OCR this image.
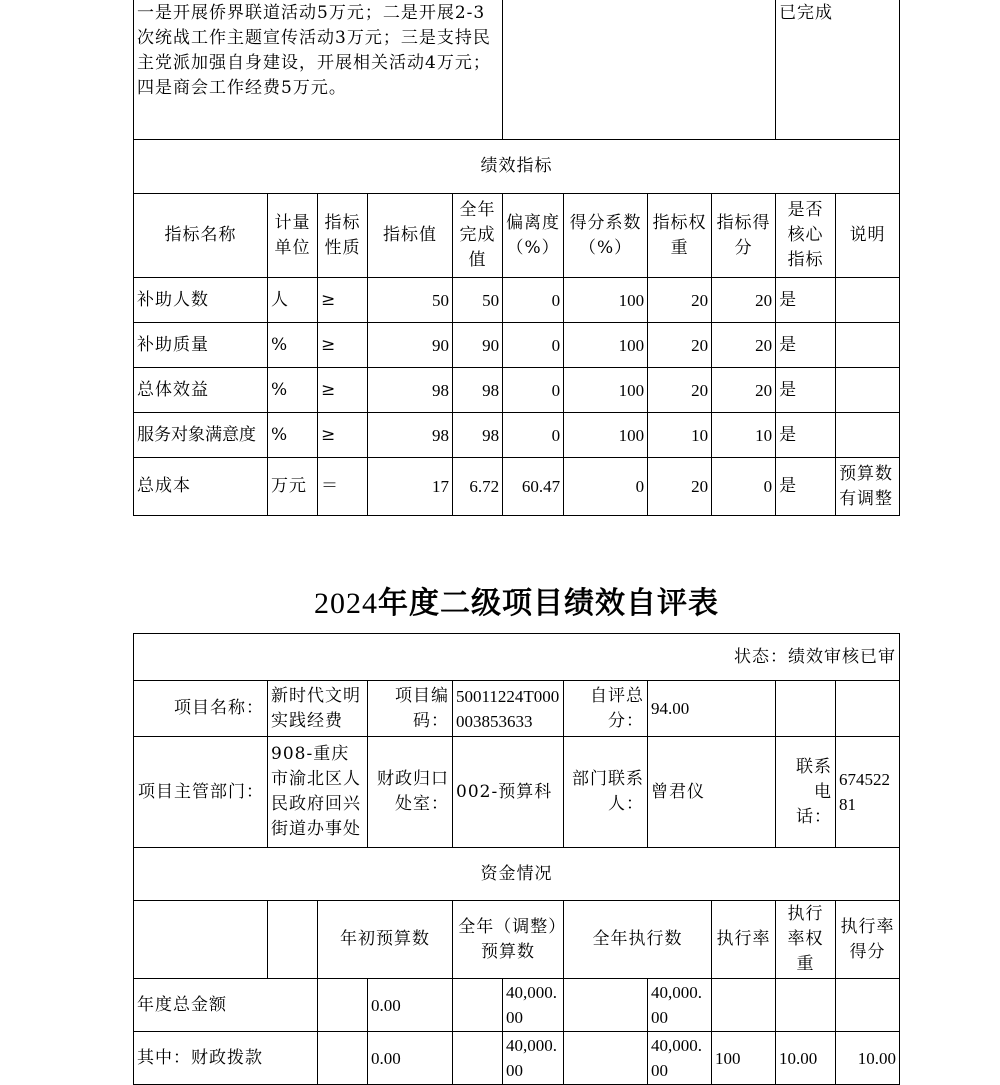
一是开展侨界联道活动5万元；二是开展2-3次统战工作主题宣传活动3万元；三是支持民主党派加强自身建设，开展相关活动4万元；四是商会工作经费5万元。									已完成	
绩效指标										
指标名称	计量单位	指标性质	指标值	全年完成值	偏离度（%）	得分系数（%）	指标权重	指标得分	是否核心指标	说明
补助人数	人	≥	50	50	0	100	20	20	是	
补助质量	%	≥	90	90	0	100	20	20	是	
总体效益	%	≥	98	98	0	100	20	20	是	
服务对象满意度	%	≥	98	98	0	100	10	10	是	
总成本	万元	＝	17	6.72	60.47	0	20	0	是	预算数有调整
2024年度二级项目绩效自评表
状态：绩效审核已审										
项目名称：	新时代文明实践经费		项目编码：	50011224T000003853633		自评总分：	94.00			
项目主管部门：	908-重庆市渝北区人民政府回兴街道办事处		财政归口处室：	002-预算科		部门联系人：	曾君仪		联系电话：	67452281
资金情况										
		年初预算数		全年（调整）预算数		全年执行数		执行率	执行率权重	执行率得分
年度总金额			0.00		40,000.00		40,000.00			
其中：财政拨款			0.00		40,000.00		40,000.00	100	10.00	10.00
